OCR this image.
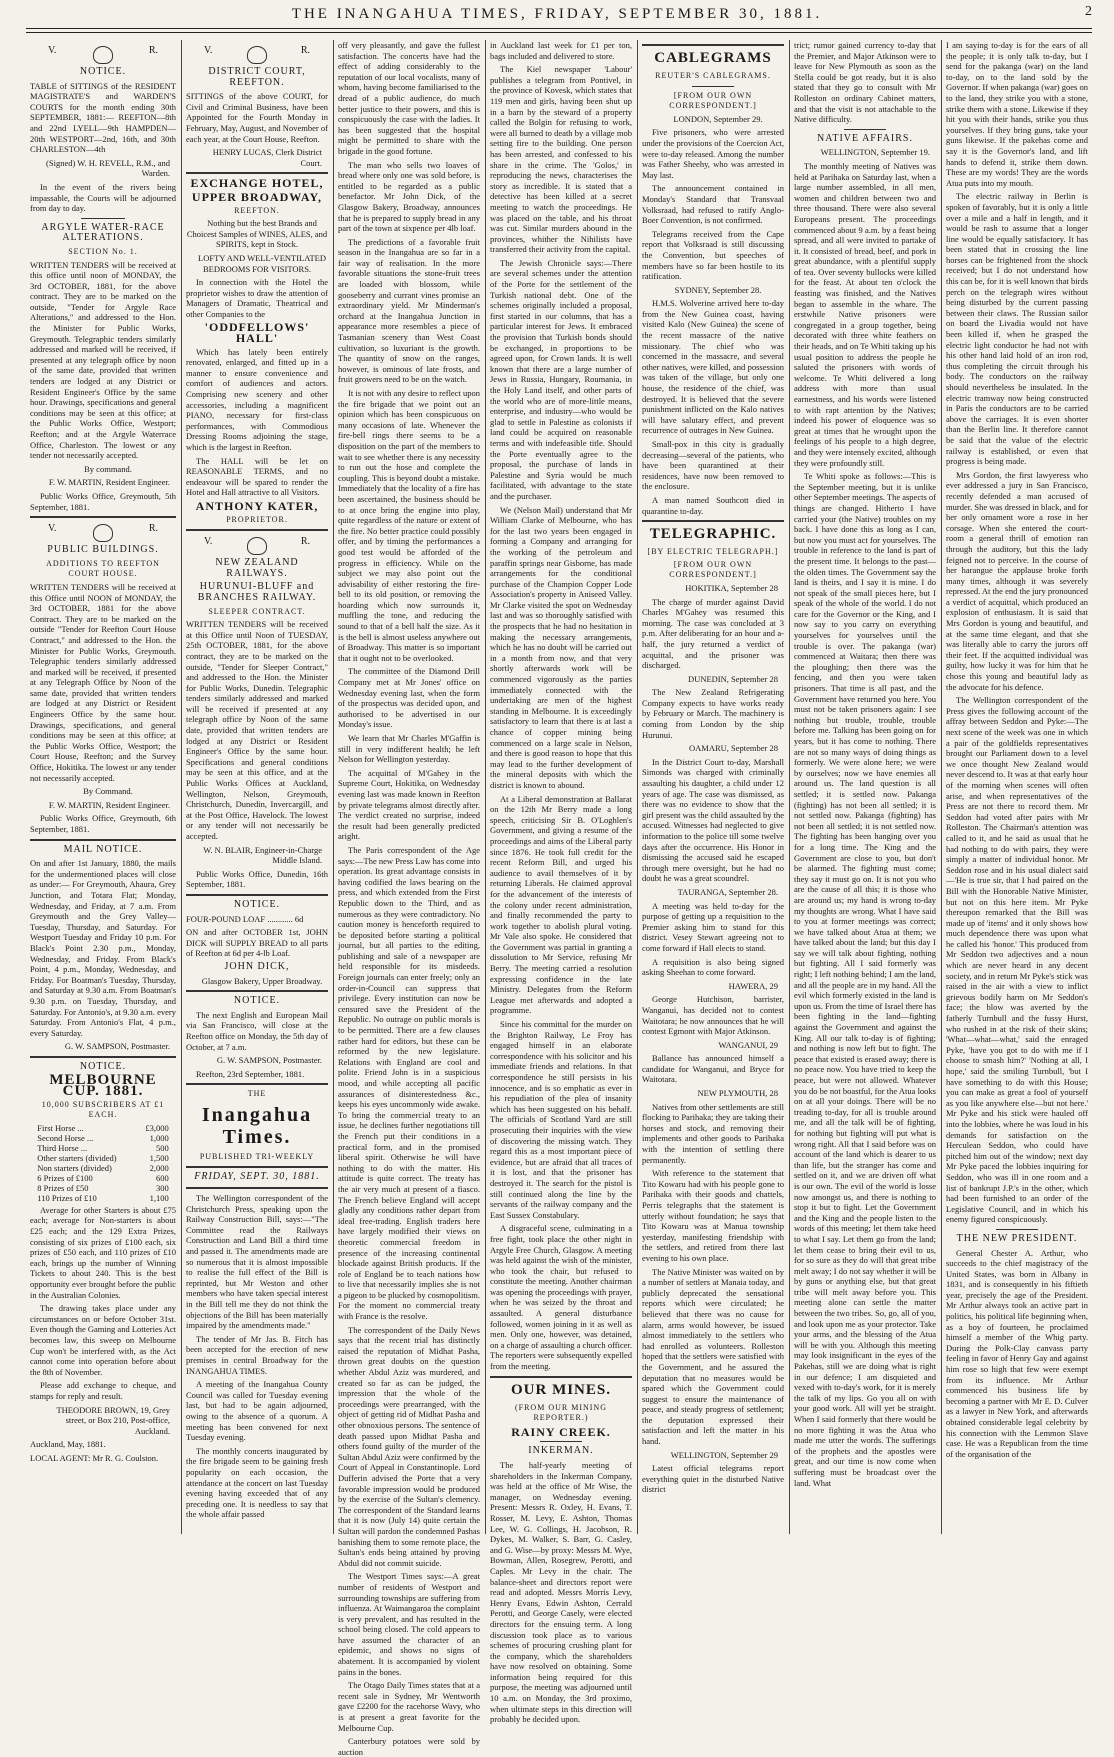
THE INANGAHUA TIMES, FRIDAY, SEPTEMBER 30, 1881.	2
V.	R.
NOTICE.

TABLE of SITTINGS of the RESIDENT MAGISTRATE'S and WARDEN'S COURTS for the month ending 30th SEPTEMBER, 1881:— REEFTON—8th and 22nd LYELL—9th HAMPDEN—20th WESTPORT—2nd, 16th, and 30th CHARLESTON—4th

(Signed) W. H. REVELL, R.M., and Warden.

In the event of the rivers being impassable, the Courts will be adjourned from day to day.

ARGYLE WATER-RACE ALTERATIONS.
SECTION No. 1.

WRITTEN TENDERS will be received at this office until noon of MONDAY, the 3rd OCTOBER, 1881, for the above contract. They are to be marked on the outside, "Tender for Argyle Race Alterations," and addressed to the Hon. the Minister for Public Works, Greymouth. Telegraphic tenders similarly addressed and marked will be received, if presented at any telegraph office by noon of the same date, provided that written tenders are lodged at any District or Resident Engineer's Office by the same hour. Drawings, specifications and general conditions may be seen at this office; at the Public Works Office, Westport; Reefton; and at the Argyle Waterrace Office, Charleston. The lowest or any tender not necessarily accepted.

By command.

F. W. MARTIN, Resident Engineer.

Public Works Office, Greymouth, 5th September, 1881.

V.	R.
PUBLIC BUILDINGS.
ADDITIONS TO REEFTON COURT HOUSE.

WRITTEN TENDERS will be received at this Office until NOON of MONDAY, the 3rd OCTOBER, 1881 for the above Contract. They are to be marked on the outside "Tender for Reefton Court House Contract," and addressed to the Hon. the Minister for Public Works, Greymouth. Telegraphic tenders similarly addressed and marked will be received, if presented at any Telegraph Office by Noon of the same date, provided that written tenders are lodged at any District or Resident Engineers Office by the same hour. Drawings, specifications, and general conditions may be seen at this office; at the Public Works Office, Westport; the Court House, Reefton; and the Survey Office, Hokitika. The lowest or any tender not necessarily accepted.

By Command.

F. W. MARTIN, Resident Engineer.

Public Works Office, Greymouth, 6th September, 1881.

MAIL NOTICE.

On and after 1st January, 1880, the mails for the undermentioned places will close as under:— For Greymouth, Ahaura, Grey Junction, and Totara Flat; Monday, Wednesday, and Friday, at 7 a.m. From Greymouth and the Grey Valley—Tuesday, Thursday, and Saturday. For Westport Tuesday and Friday 10 p.m. For Black's Point 2.30 p.m., Monday, Wednesday, and Friday. From Black's Point, 4 p.m., Monday, Wednesday, and Friday. For Boatman's Tuesday, Thursday, and Saturday at 9.30 a.m. From Boatman's 9.30 p.m. on Tuesday, Thursday, and Saturday. For Antonio's, at 9.30 a.m. every Saturday. From Antonio's Flat, 4 p.m., every Saturday.

G. W. SAMPSON, Postmaster.

NOTICE.
MELBOURNE CUP. 1881.
10,000 SUBSCRIBERS AT £1 EACH.
First Horse ...	£3,000
Second Horse ...	1,000
Third Horse ...	500
Other starters (divided)	1,500
Non starters (divided)	2,000
6 Prizes of £100	600
8 Prizes of £50	300
110 Prizes of £10	1,100

Average for other Starters is about £75 each; average for Non-starters is about £25 each; and the 129 Extra Prizes, consisting of six prizes of £100 each, six prizes of £50 each, and 110 prizes of £10 each, brings up the number of Winning Tickets to about 240. This is the best opportunity ever brought before the public in the Australian Colonies.

The drawing takes place under any circumstances on or before October 31st. Even though the Gaming and Lotteries Act becomes law, this sweep on Melbourne Cup won't be interfered with, as the Act cannot come into operation before about the 8th of November.

Please add exchange to cheque, and stamps for reply and result.

THEODORE BROWN, 19, Grey street, or Box 210, Post-office, Auckland.

Auckland, May, 1881.

LOCAL AGENT: Mr R. G. Coulston.

V.	R.
DISTRICT COURT, REEFTON.

SITTINGS of the above COURT, for Civil and Criminal Business, have been Appointed for the Fourth Monday in February, May, August, and November of each year, at the Court House, Reefton.

HENRY LUCAS, Clerk District Court.

EXCHANGE HOTEL,
UPPER BROADWAY,
REEFTON.

Nothing but the best Brands and Choicest Samples of WINES, ALES, and SPIRITS, kept in Stock.

LOFTY AND WELL-VENTILATED BEDROOMS FOR VISITORS.

In connection with the Hotel the proprietor wishes to draw the attention of Managers of Dramatic, Theatrical and other Companies to the

'ODDFELLOWS' HALL'

Which has lately been entirely renovated, enlarged, and fitted up in a manner to ensure convenience and comfort of audiences and actors. Comprising new scenery and other accessories, including a magnificent PIANO, necessary for first-class performances, with Commodious Dressing Rooms adjoining the stage, which is the largest in Reefton.

The HALL will be let on REASONABLE TERMS, and no endeavour will be spared to render the Hotel and Hall attractive to all Visitors.

ANTHONY KATER,
PROPRIETOR.
V.	R.
NEW ZEALAND RAILWAYS.
HURUNUI-BLUFF and BRANCHES RAILWAY.
SLEEPER CONTRACT.

WRITTEN TENDERS will be received at this Office until Noon of TUESDAY, 25th OCTOBER, 1881, for the above contract, they are to be marked on the outside, "Tender for Sleeper Contract," and addressed to the Hon. the Minister for Public Works, Dunedin. Telegraphic tenders similarly addressed and marked will be received if presented at any telegraph office by Noon of the same date, provided that written tenders are lodged at any District or Resident Engineer's Office by the same hour. Specifications and general conditions may be seen at this office, and at the Public Works Offices at Auckland, Wellington, Nelson, Greymouth, Christchurch, Dunedin, Invercargill, and at the Post Office, Havelock. The lowest or any tender will not necessarily be accepted.

W. N. BLAIR, Engineer-in-Charge Middle Island.

Public Works Office, Dunedin, 16th September, 1881.

NOTICE.

FOUR-POUND LOAF ............ 6d

ON and after OCTOBER 1st, JOHN DICK will SUPPLY BREAD to all parts of Reefton at 6d per 4-lb Loaf.

JOHN DICK,

Glasgow Bakery, Upper Broadway.

NOTICE.

The next English and European Mail via San Francisco, will close at the Reefton office on Monday, the 5th day of October, at 7 a.m.

G. W. SAMPSON, Postmaster.

Reefton, 23rd September, 1881.

THE
Inangahua Times.
PUBLISHED TRI-WEEKLY
FRIDAY, SEPT. 30, 1881.

The Wellington correspondent of the Christchurch Press, speaking upon the Railway Construction Bill, says:—"The Committee read the Railways Construction and Land Bill a third time and passed it. The amendments made are so numerous that it is almost impossible to realise the full effect of the Bill is reprinted, but Mr Weston and other members who have taken special interest in the Bill tell me they do not think the objections of the Bill has been materially impaired by the amendments made."

The tender of Mr Jas. B. Fitch has been accepted for the erection of new premises in central Broadway for the INANGAHUA TIMES.

A meeting of the Inangahua County Council was called for Tuesday evening last, but had to be again adjourned, owing to the absence of a quorum. A meeting has been convened for next Tuesday evening.

The monthly concerts inaugurated by the fire brigade seem to be gaining fresh popularity on each occasion, the attendance at the concert on last Tuesday evening having exceeded that of any preceding one. It is needless to say that the whole affair passed

off very pleasantly, and gave the fullest satisfaction. The concerts have had the effect of adding considerably to the reputation of our local vocalists, many of whom, having become familiarised to the dread of a public audience, do much better justice to their powers, and this is conspicuously the case with the ladies. It has been suggested that the hospital might be permitted to share with the brigade in the good fortune.

The man who sells two loaves of bread where only one was sold before, is entitled to be regarded as a public benefactor. Mr John Dick, of the Glasgow Bakery, Broadway, announces that he is prepared to supply bread in any part of the town at sixpence per 4lb loaf.

The predictions of a favorable fruit season in the Inangahua are so far in a fair way of realisation. In the more favorable situations the stone-fruit trees are loaded with blossom, while gooseberry and currant vines promise an extraordinary yield. Mr Minderman's orchard at the Inangahua Junction in appearance more resembles a piece of Tasmanian scenery than West Coast cultivation, so luxuriant is the growth. The quantity of snow on the ranges, however, is ominous of late frosts, and fruit growers need to be on the watch.

It is not with any desire to reflect upon the fire brigade that we point out an opinion which has been conspicuous on many occasions of late. Whenever the fire-bell rings there seems to be a disposition on the part of the members to wait to see whether there is any necessity to run out the hose and complete the coupling. This is beyond doubt a mistake. Immediately that the locality of a fire has been ascertained, the business should be to at once bring the engine into play, quite regardless of the nature or extent of the fire. No better practice could possibly offer, and by timing the performances a good test would be afforded of the progress in efficiency. While on the subject we may also point out the advisability of either restoring the fire-bell to its old position, or removing the hoarding which now surrounds it, muffling the tone, and reducing the sound to that of a bell half the size. As it is the bell is almost useless anywhere out of Broadway. This matter is so important that it ought not to be overlooked.

The committee of the Diamond Drill Company met at Mr Jones' office on Wednesday evening last, when the form of the prospectus was decided upon, and authorised to be advertised in our Monday's issue.

We learn that Mr Charles M'Gaffin is still in very indifferent health; he left Nelson for Wellington yesterday.

The acquittal of M'Gahey in the Supreme Court, Hokitika, on Wednesday evening last was made known in Reefton by private telegrams almost directly after. The verdict created no surprise, indeed the result had been generally predicted aright.

The Paris correspondent of the Age says:—The new Press Law has come into operation. Its great advantage consists in having codified the laws bearing on the press, and which extended from the First Republic down to the Third, and as numerous as they were contradictory. No caution money is henceforth required to be deposited before starting a political journal, but all parties to the editing, publishing and sale of a newspaper are held responsible for its misdeeds. Foreign journals can enter freely; only an order-in-Council can suppress that privilege. Every institution can now be censured save the President of the Republic. No outrage on public morals is to be permitted. There are a few clauses rather hard for editors, but these can be reformed by the new legislature. Relations with England are cool and polite. Friend John is in a suspicious mood, and while accepting all pacific assurances of disinterestedness &c., keeps his eyes uncommonly wide awake. To bring the commercial treaty to an issue, he declines further negotiations till the French put their conditions in a practical form, and in the promised liberal spirit. Otherwise he will have nothing to do with the matter. His attitude is quite correct. The treaty has the air very much at present of a fiasco. The French believe England will accept gladly any conditions rather depart from ideal free-trading. English traders here have largely modified their views on theoretic commercial freedom in presence of the increasing continental blockade against British products. If the role of England be to teach nations how to live that necessarily implies she is not a pigeon to be plucked by cosmopolitism. For the moment no commercial treaty with France is the resolve.

The correspondent of the Daily News says that the recent trial has distinctly raised the reputation of Midhat Pasha, thrown great doubts on the question whether Abdul Aziz was murdered, and created so far as can be judged, the impression that the whole of the proceedings were prearranged, with the object of getting rid of Midhat Pasha and other obnoxious persons. The sentence of death passed upon Midhat Pasha and others found guilty of the murder of the Sultan Abdul Aziz were confirmed by the Court of Appeal in Constantinople. Lord Dufferin advised the Porte that a very favorable impression would be produced by the exercise of the Sultan's clemency. The correspondent of the Standard learns that it is now (July 14) quite certain the Sultan will pardon the condemned Pashas banishing them to some remote place, the Sultan's ends being attained by proving Abdul did not commit suicide.

The Westport Times says:—A great number of residents of Westport and surrounding townships are suffering from influenza. At Waimangaroa the complaint is very prevalent, and has resulted in the school being closed. The cold appears to have assumed the character of an epidemic, and shows no signs of abatement. It is accompanied by violent pains in the bones.

The Otago Daily Times states that at a recent sale in Sydney, Mr Wentworth gave £2200 for the racehorse Wavy, who is at present a great favorite for the Melbourne Cup.

Canterbury potatoes were sold by auction

in Auckland last week for £1 per ton, bags included and delivered to store.

The Kiel newspaper 'Labour' publishes a telegram from Pontivel, in the province of Kovesk, which states that 119 men and girls, having been shut up in a barn by the steward of a property called the Bolgin for refusing to work, were all burned to death by a village mob setting fire to the building. One person has been arrested, and confessed to his share in the crime. The 'Golos,' in reproducing the news, characterises the story as incredible. It is stated that a detective has been killed at a secret meeting to watch the proceedings. He was placed on the table, and his throat was cut. Similar murders abound in the provinces, whither the Nihilists have transferred their activity from the capital.

The Jewish Chronicle says:—There are several schemes under the attention of the Porte for the settlement of the Turkish national debt. One of the schemes originally included a proposal, first started in our columns, that has a particular interest for Jews. It embraced the provision that Turkish bonds should be exchanged, in proportions to be agreed upon, for Crown lands. It is well known that there are a large number of Jews in Russia, Hungary, Roumania, in the Holy Land itself, and other parts of the world who are of more-little means, enterprise, and industry—who would be glad to settle in Palestine as colonists if land could be acquired on reasonable terms and with indefeasible title. Should the Porte eventually agree to the proposal, the purchase of lands in Palestine and Syria would be much facilitated, with advantage to the state and the purchaser.

We (Nelson Mail) understand that Mr William Clarke of Melbourne, who has for the last two years been engaged in forming a Company and arranging for the working of the petroleum and paraffin springs near Gisborne, has made arrangements for the conditional purchase of the Champion Copper Lode Association's property in Aniseed Valley. Mr Clarke visited the spot on Wednesday last and was so thoroughly satisfied with the prospects that he had no hesitation in making the necessary arrangements, which he has no doubt will be carried out in a month from now, and that very shortly afterwards work will be commenced vigorously as the parties immediately connected with the undertaking are men of the highest standing in Melbourne. It is exceedingly satisfactory to learn that there is at last a chance of copper mining being commenced on a large scale in Nelson, and there is good reason to hope that this may lead to the further development of the mineral deposits with which the district is known to abound.

At a Liberal demonstration at Ballarat on the 12th Mr Berry made a long speech, criticising Sir B. O'Loghlen's Government, and giving a resume of the proceedings and aims of the Liberal party since 1876. He took full credit for the recent Reform Bill, and urged his audience to avail themselves of it by returning Liberals. He claimed approval for the advancement of the interests of the colony under recent administration, and finally recommended the party to work together to abolish plural voting. Mr Vale also spoke. He considered that the Government was partial in granting a dissolution to Mr Service, refusing Mr Berry. The meeting carried a resolution expressing confidence in the late Ministry. Delegates from the Reform League met afterwards and adopted a programme.

Since his committal for the murder on the Brighton Railway, Le Froy has engaged himself in an elaborate correspondence with his solicitor and his immediate friends and relations. In that correspondence he still persists in his innocence, and is so emphatic as ever in his repudiation of the plea of insanity which has been suggested on his behalf. The officials of Scotland Yard are still prosecuting their inquiries with the view of discovering the missing watch. They regard this as a most important piece of evidence, but are afraid that all traces of it is lost, and that the prisoner has destroyed it. The search for the pistol is still continued along the line by the servants of the railway company and the East Sussex Constabulary.

A disgraceful scene, culminating in a free fight, took place the other night in Argyle Free Church, Glasgow. A meeting was held against the wish of the minister, who took the chair, but refused to constitute the meeting. Another chairman was opening the proceedings with prayer, when he was seized by the throat and assaulted. A general disturbance followed, women joining in it as well as men. Only one, however, was detained, on a charge of assaulting a church officer. The reporters were subsequently expelled from the meeting.

OUR MINES.
(FROM OUR MINING REPORTER.)
RAINY CREEK.
INKERMAN.

The half-yearly meeting of shareholders in the Inkerman Company, was held at the office of Mr Wise, the manager, on Wednesday evening. Present: Messrs R. Oxley, H. Evans, T. Rosser, M. Levy, E. Ashton, Thomas Lee, W. G. Collings, H. Jacobson, R. Dykes, M. Walker, S. Barr, G. Casley, and G. Wise—by proxy: Messrs M. Wye, Bowman, Allen, Rosegrew, Perotti, and Caples. Mr Levy in the chair. The balance-sheet and directors report were read and adopted. Messrs Morris Levy, Henry Evans, Edwin Ashton, Cerrald Perotti, and George Casely, were elected directors for the ensuing term. A long discussion took place as to various schemes of procuring crushing plant for the company, which the shareholders have now resolved on obtaining. Some information being required for this purpose, the meeting was adjourned until 10 a.m. on Monday, the 3rd proximo, when ultimate steps in this direction will probably be decided upon.

CABLEGRAMS
REUTER'S CABLEGRAMS.
[FROM OUR OWN CORRESPONDENT.]

LONDON, September 29.

Five prisoners, who were arrested under the provisions of the Coercion Act, were to-day released. Among the number was Father Sheehy, who was arrested in May last.

The announcement contained in Monday's Standard that Transvaal Volksraad, had refused to ratify Anglo-Boer Convention, is not confirmed.

Telegrams received from the Cape report that Volksraad is still discussing the Convention, but speeches of members have so far been hostile to its ratification.

SYDNEY, September 28.

H.M.S. Wolverine arrived here to-day from the New Guinea coast, having visited Kalo (New Guinea) the scene of the recent massacre of the native missionary. The chief who was concerned in the massacre, and several other natives, were killed, and possession was taken of the village, but only one house, the residence of the chief, was destroyed. It is believed that the severe punishment inflicted on the Kalo natives will have salutary effect, and prevent recurrence of outrages in New Guinea.

Small-pox in this city is gradually decreasing—several of the patients, who have been quarantined at their residences, have now been removed to the enclosure.

A man named Southcott died in quarantine to-day.

TELEGRAPHIC.
[BY ELECTRIC TELEGRAPH.]
[FROM OUR OWN CORRESPONDENT.]

HOKITIKA, September 28

The charge of murder against David Charles M'Gahey was resumed this morning. The case was concluded at 3 p.m. After deliberating for an hour and a-half, the jury returned a verdict of acquittal, and the prisoner was discharged.

DUNEDIN, September 28

The New Zealand Refrigerating Company expects to have works ready by February or March. The machinery is coming from London by the ship Hurunui.

OAMARU, September 28

In the District Court to-day, Marshall Simonds was charged with criminally assaulting his daughter, a child under 12 years of age. The case was dismissed, as there was no evidence to show that the girl present was the child assaulted by the accused. Witnesses had neglected to give information to the police till some twelve days after the occurrence. His Honor in dismissing the accused said he escaped through mere oversight, but he had no doubt he was a great scoundrel.

TAURANGA, September 28.

A meeting was held to-day for the purpose of getting up a requisition to the Premier asking him to stand for this district. Vesey Stewart agreeing not to come forward if Hall elects to stand.

A requisition is also being signed asking Sheehan to come forward.

HAWERA, 29

George Hutchison, barrister, Wanganui, has decided not to contest Waitotara; he now announces that he will contest Egmont with Major Atkinson.

WANGANUI, 29

Ballance has announced himself a candidate for Wanganui, and Bryce for Waitotara.

NEW PLYMOUTH, 28

Natives from other settlements are still flocking to Parihaka; they are taking their horses and stock, and removing their implements and other goods to Parihaka with the intention of settling there permanently.

With reference to the statement that Tito Kowaru had with his people gone to Parihaka with their goods and chattels, Perris telegraphs that the statement is utterly without foundation; he says that Tito Kowaru was at Manua township yesterday, manifesting friendship with the settlers, and retired from there last evening to his own place.

The Native Minister was waited on by a number of settlers at Manaia today, and publicly deprecated the sensational reports which were circulated; he believed that there was no cause for alarm, arms would however, be issued almost immediately to the settlers who had enrolled as volunteers. Rolleston hoped that the settlers were satisfied with the Government, and he assured the deputation that no measures would be spared which the Government could suggest to ensure the maintenance of peace, and steady progress of settlement; the deputation expressed their satisfaction and left the matter in his hand.

WELLINGTON, September 29

Latest official telegrams report everything quiet in the disturbed Native district

trict; rumor gained currency to-day that the Premier, and Major Atkinson were to leave for New Plymouth as soon as the Stella could be got ready, but it is also stated that they go to consult with Mr Rolleston on ordinary Cabinet matters, and that the visit is not attachable to the Native difficulty.

NATIVE AFFAIRS.

WELLINGTON, September 19.

The monthly meeting of Natives was held at Parihaka on Saturday last, when a large number assembled, in all men, women and children between two and three thousand. There were also several Europeans present. The proceedings commenced about 9 a.m. by a feast being spread, and all were invited to partake of it. It consisted of bread, beef, and pork in great abundance, with a plentiful supply of tea. Over seventy bullocks were killed for the feast. At about ten o'clock the feasting was finished, and the Natives began to assemble in the whare. The erstwhile Native prisoners were congregated in a group together, being decorated with three white feathers on their heads, and on Te Whiti taking up his usual position to address the people he saluted the prisoners with words of welcome. Te Whiti delivered a long address with more than usual earnestness, and his words were listened to with rapt attention by the Natives; indeed his power of eloquence was so great at times that he wrought upon the feelings of his people to a high degree, and they were intensely excited, although they were profoundly still.

Te Whiti spoke as follows:—This is the September meeting, but it is unlike other September meetings. The aspects of things are changed. Hitherto I have carried your (the Native) troubles on my back. I have done this as long as I can, but now you must act for yourselves. The trouble in reference to the land is part of the present time. It belongs to the past—the olden times. The Government say the land is theirs, and I say it is mine. I do not speak of the small pieces here, but I speak of the whole of the world. I do not care for the Governor or the King, and I now say to you carry on everything yourselves for yourselves until the trouble is over. The pakanga (war) commenced at Waitara; then there was the ploughing; then there was the fencing, and then you were taken prisoners. That time is all past, and the Government have returned you here. You must not be taken prisoners again: I see nothing but trouble, trouble, trouble before me. Talking has been going on for years, but it has come to nothing. There are not so many ways of doing things as formerly. We were alone here; we were by ourselves; now we have enemies all around us. The land question is all settled; it is settled now. Pakanga (fighting) has not been all settled; it is not settled now. Pakanga (fighting) has not been all settled; it is not settled now. The fighting has been hanging over you for a long time. The King and the Government are close to you, but don't be alarmed. The fighting must come; they say it must go on. It is not you who are the cause of all this; it is those who are around us; my hand is wrong to-day my thoughts are wrong. What I have said to you at former meetings was correct; we have talked about Atua at them; we have talked about the land; but this day I say we will talk about fighting, nothing but fighting. All I said formerly was right; I left nothing behind; I am the land, and all the people are in my hand. All the evil which formerly existed in the land is upon us. From the time of Israel there has been fighting in the land—fighting against the Government and against the King. All our talk to-day is of fighting; and nothing is now left but to fight. The peace that existed is erased away; there is no peace now. You have tried to keep the peace, but were not allowed. Whatever you do be not boastful, for the Atua looks on at all your doings. There will be no treading to-day, for all is trouble around me, and all the talk will be of fighting, for nothing but fighting will put what is wrong right. All that I said before was on account of the land which is dearer to us than life, but the stranger has come and settled on it, and we are driven off what is our own. The evil of the world is losse now amongst us, and there is nothing to stop it but to fight. Let the Government and the King and the people listen to the words of this meeting; let them take heed to what I say. Let them go from the land; let them cease to bring their evil to us, for so sure as they do will that great tribe melt away; I do not say whether it will be by guns or anything else, but that great tribe will melt away before you. This meeting alone can settle the matter between the two tribes. So, go, all of you, and look upon me as your protector. Take your arms, and the blessing of the Atua will be with you. Although this meeting may look insignificant in the eyes of the Pakehas, still we are doing what is right in our defence; I am disquieted and vexed with to-day's work, for it is merely the talk of my lips. Go you all on with your good work. All will yet be straight. When I said formerly that there would be no more fighting it was the Atua who made me utter the words. The sufferings of the prophets and the apostles were great, and our time is now come when suffering must be broadcast over the land. What

I am saying to-day is for the ears of all the people; it is only talk to-day, but I send for the pakanga (war) on the land to-day, on to the land sold by the Governor. If when pakanga (war) goes on to the land, they strike you with a stone, strike them with a stone. Likewise if they hit you with their hands, strike you thus yourselves. If they bring guns, take your guns likewise. If the pakehas come and say it is the Governor's land, and lift hands to defend it, strike them down. These are my words! They are the words Atua puts into my mouth.

The electric railway in Berlin is spoken of favorably, but it is only a little over a mile and a half in length, and it would be rash to assume that a longer line would be equally satisfactory. It has been stated that in crossing the line horses can be frightened from the shock received; but I do not understand how this can be, for it is well known that birds perch on the telegraph wires without being disturbed by the current passing between their claws. The Russian sailor on board the Livadia would not have been killed if, when he grasped the electric light conductor he had not with his other hand laid hold of an iron rod, thus completing the circuit through his body. The conductors on the railway should nevertheless be insulated. In the electric tramway now being constructed in Paris the conductors are to be carried above the carriages. It is even shorter than the Berlin line. It therefore cannot be said that the value of the electric railway is established, or even that progress is being made.

Mrs Gordon, the first lawyeress who ever addressed a jury in San Francisco, recently defended a man accused of murder. She was dressed in black, and for her only ornament wore a rose in her corsage. When she entered the court-room a general thrill of emotion ran through the auditory, but this the lady feigned not to perceive. In the course of her harangue the applause broke forth many times, although it was severely repressed. At the end the jury pronounced a verdict of acquittal, which produced an explosion of enthusiasm. It is said that Mrs Gordon is young and beautiful, and at the same time elegant, and that she was literally able to carry the jurors off their feet. If the acquitted individual was guilty, how lucky it was for him that he chose this young and beautiful lady as the advocate for his defence.

The Wellington correspondent of the Press gives the following account of the affray between Seddon and Pyke:—The next scene of the week was one in which a pair of the goldfields representatives brought our Parliament down to a level we once thought New Zealand would never descend to. It was at that early hour of the morning when scenes will often arise, and when representatives of the Press are not there to record them. Mr Seddon had voted after pairs with Mr Rolleston. The Chairman's attention was called to it, and he said as usual that he had nothing to do with pairs, they were simply a matter of individual honor. Mr Seddon rose and in his usual dialect said—'He is true sir, that I had paired on the Bill with the Honorable Native Minister, but not on this here item. Mr Pyke thereupon remarked that the Bill was made up of 'items' and it only shows how much dependence there was upon what he called his 'honor.' This produced from Mr Seddon two adjectives and a noun which are never heard in any decent society, and in return Mr Pyke's stick was raised in the air with a view to inflict grievous bodily harm on Mr Seddon's face; the blow was averted by the fatherly Turnbull and the fussy Hurst, who rushed in at the risk of their skins; 'What—what—what,' said the enraged Pyke, 'have you got to do with me if I choose to smash him?' 'Nothing at all, I hope,' said the smiling Turnbull, 'but I have something to do with this House; you can make as great a fool of yourself as you like anywhere else—but not here.' Mr Pyke and his stick were hauled off into the lobbies, where he was loud in his demands for satisfaction on the Herculean Seddon, who could have pitched him out of the window; next day Mr Pyke paced the lobbies inquiring for Seddon, who was ill in one room and a list of bankrupt J.P.'s in the other, which had been furnished to an order of the Legislative Council, and in which his enemy figured conspicuously.

THE NEW PRESIDENT.

General Chester A. Arthur, who succeeds to the chief magistracy of the United States, was born in Albany in 1831, and is consequently in his fiftieth year, precisely the age of the President. Mr Arthur always took an active part in politics, his political life beginning when, as a boy of fourteen, he proclaimed himself a member of the Whig party. During the Polk-Clay canvass party feeling in favor of Henry Gay and against him rose so high that few were exempt from its influence. Mr Arthur commenced his business life by becoming a partner with Mr E. D. Culver as a lawyer in New York, and afterwards obtained considerable legal celebrity by his connection with the Lemmon Slave case. He was a Republican from the time of the organisation of the
